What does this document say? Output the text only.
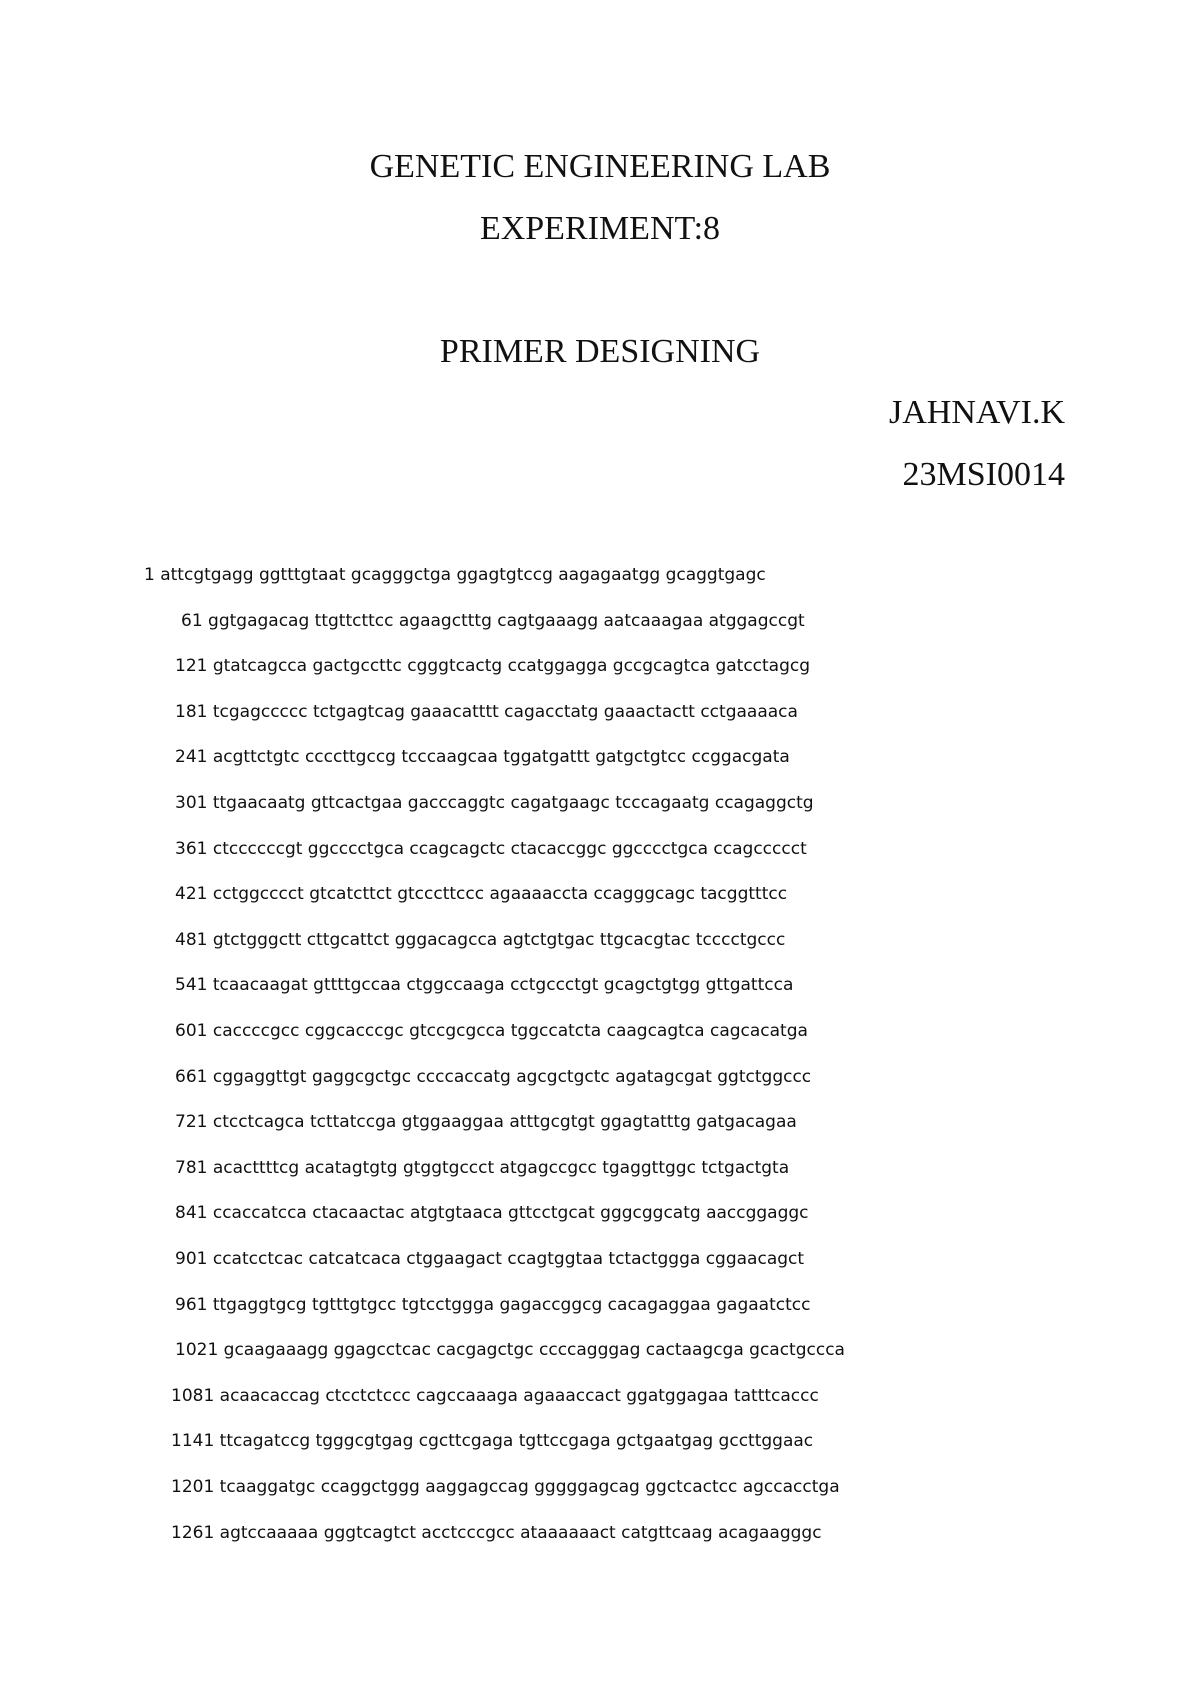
GENETIC ENGINEERING LAB
EXPERIMENT:8
PRIMER DESIGNING
JAHNAVI.K
23MSI0014
1 attcgtgagg ggtttgtaat gcagggctga ggagtgtccg aagagaatgg gcaggtgagc
61 ggtgagacag ttgttcttcc agaagctttg cagtgaaagg aatcaaagaa atggagccgt
121 gtatcagcca gactgccttc cgggtcactg ccatggagga gccgcagtca gatcctagcg
181 tcgagccccc tctgagtcag gaaacatttt cagacctatg gaaactactt cctgaaaaca
241 acgttctgtc ccccttgccg tcccaagcaa tggatgattt gatgctgtcc ccggacgata
301 ttgaacaatg gttcactgaa gacccaggtc cagatgaagc tcccagaatg ccagaggctg
361 ctccccccgt ggcccctgca ccagcagctc ctacaccggc ggcccctgca ccagccccct
421 cctggcccct gtcatcttct gtcccttccc agaaaaccta ccagggcagc tacggtttcc
481 gtctgggctt cttgcattct gggacagcca agtctgtgac ttgcacgtac tcccctgccc
541 tcaacaagat gttttgccaa ctggccaaga cctgccctgt gcagctgtgg gttgattcca
601 caccccgcc cggcacccgc gtccgcgcca tggccatcta caagcagtca cagcacatga
661 cggaggttgt gaggcgctgc ccccaccatg agcgctgctc agatagcgat ggtctggccc
721 ctcctcagca tcttatccga gtggaaggaa atttgcgtgt ggagtatttg gatgacagaa
781 acacttttcg acatagtgtg gtggtgccct atgagccgcc tgaggttggc tctgactgta
841 ccaccatcca ctacaactac atgtgtaaca gttcctgcat gggcggcatg aaccggaggc
901 ccatcctcac catcatcaca ctggaagact ccagtggtaa tctactggga cggaacagct
961 ttgaggtgcg tgtttgtgcc tgtcctggga gagaccggcg cacagaggaa gagaatctcc
1021 gcaagaaagg ggagcctcac cacgagctgc ccccagggag cactaagcga gcactgccca
1081 acaacaccag ctcctctccc cagccaaaga agaaaccact ggatggagaa tatttcaccc
1141 ttcagatccg tgggcgtgag cgcttcgaga tgttccgaga gctgaatgag gccttggaac
1201 tcaaggatgc ccaggctggg aaggagccag gggggagcag ggctcactcc agccacctga
1261 agtccaaaaa gggtcagtct acctcccgcc ataaaaaact catgttcaag acagaagggc
